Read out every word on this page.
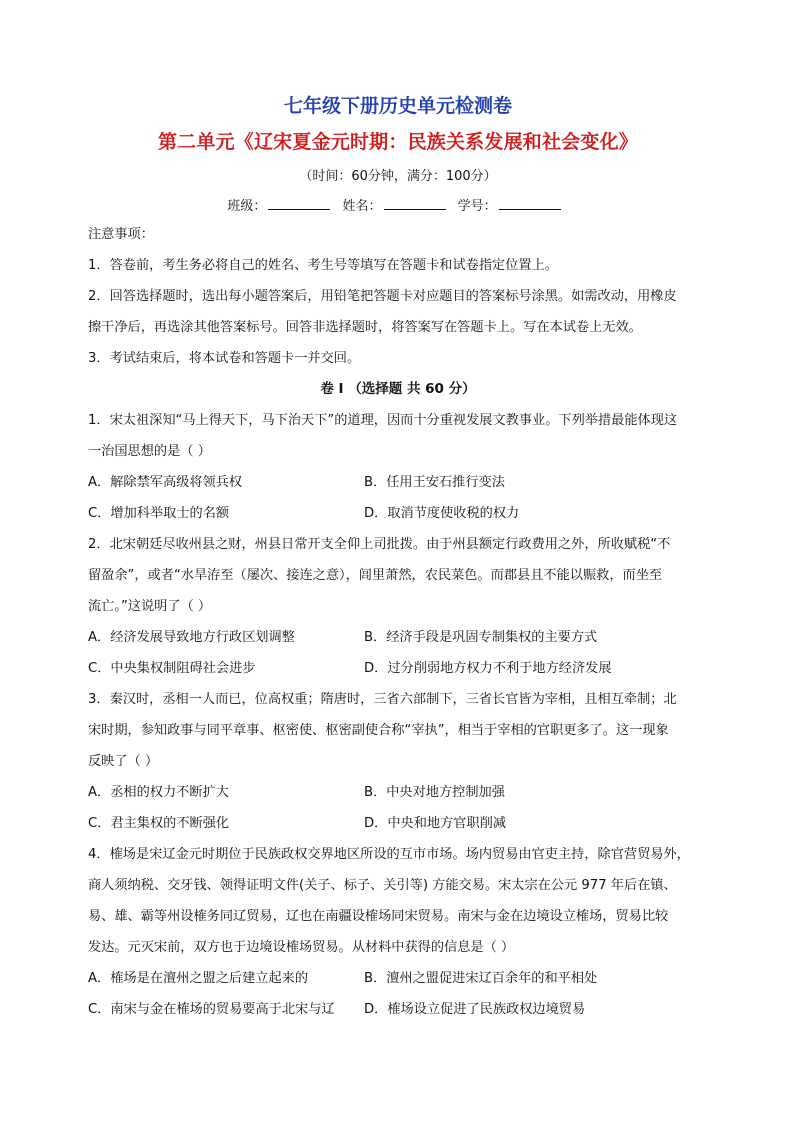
七年级下册历史单元检测卷
第二单元《辽宋夏金元时期：民族关系发展和社会变化》
（时间：60分钟，满分：100分）
班级：	姓名：	学号：
注意事项：
1．答卷前，考生务必将自己的姓名、考生号等填写在答题卡和试卷指定位置上。
2．回答选择题时，选出每小题答案后，用铅笔把答题卡对应题目的答案标号涂黑。如需改动，用橡皮
擦干净后，再选涂其他答案标号。回答非选择题时，将答案写在答题卡上。写在本试卷上无效。
3．考试结束后，将本试卷和答题卡一并交回。
卷 I （选择题 共 60 分）
1．宋太祖深知“马上得天下，马下治天下”的道理，因而十分重视发展文教事业。下列举措最能体现这
一治国思想的是（ ）
A．解除禁军高级将领兵权	B．任用王安石推行变法
C．增加科举取士的名额	D．取消节度使收税的权力
2．北宋朝廷尽收州县之财，州县日常开支全仰上司批拨。由于州县额定行政费用之外，所收赋税“不
留盈余”，或者“水旱洊至（屡次、接连之意），闾里萧然，农民菜色。而郡县且不能以赈救，而坐至
流亡。”这说明了（ ）
A．经济发展导致地方行政区划调整	B．经济手段是巩固专制集权的主要方式
C．中央集权制阻碍社会进步	D．过分削弱地方权力不利于地方经济发展
3．秦汉时，丞相一人而已，位高权重；隋唐时，三省六部制下，三省长官皆为宰相，且相互牵制；北
宋时期，参知政事与同平章事、枢密使、枢密副使合称“宰执”，相当于宰相的官职更多了。这一现象
反映了（ ）
A．丞相的权力不断扩大	B．中央对地方控制加强
C．君主集权的不断强化	D．中央和地方官职削减
4．榷场是宋辽金元时期位于民族政权交界地区所设的互市市场。场内贸易由官吏主持，除官营贸易外，
商人须纳税、交牙钱、领得证明文件(关子、标子、关引等) 方能交易。宋太宗在公元 977 年后在镇、
易、雄、霸等州设榷务同辽贸易，辽也在南疆设榷场同宋贸易。南宋与金在边境设立榷场，贸易比较
发达。元灭宋前，双方也于边境设榷场贸易。从材料中获得的信息是（ ）
A．榷场是在澶州之盟之后建立起来的	B．澶州之盟促进宋辽百余年的和平相处
C．南宋与金在榷场的贸易要高于北宋与辽	D．榷场设立促进了民族政权边境贸易
